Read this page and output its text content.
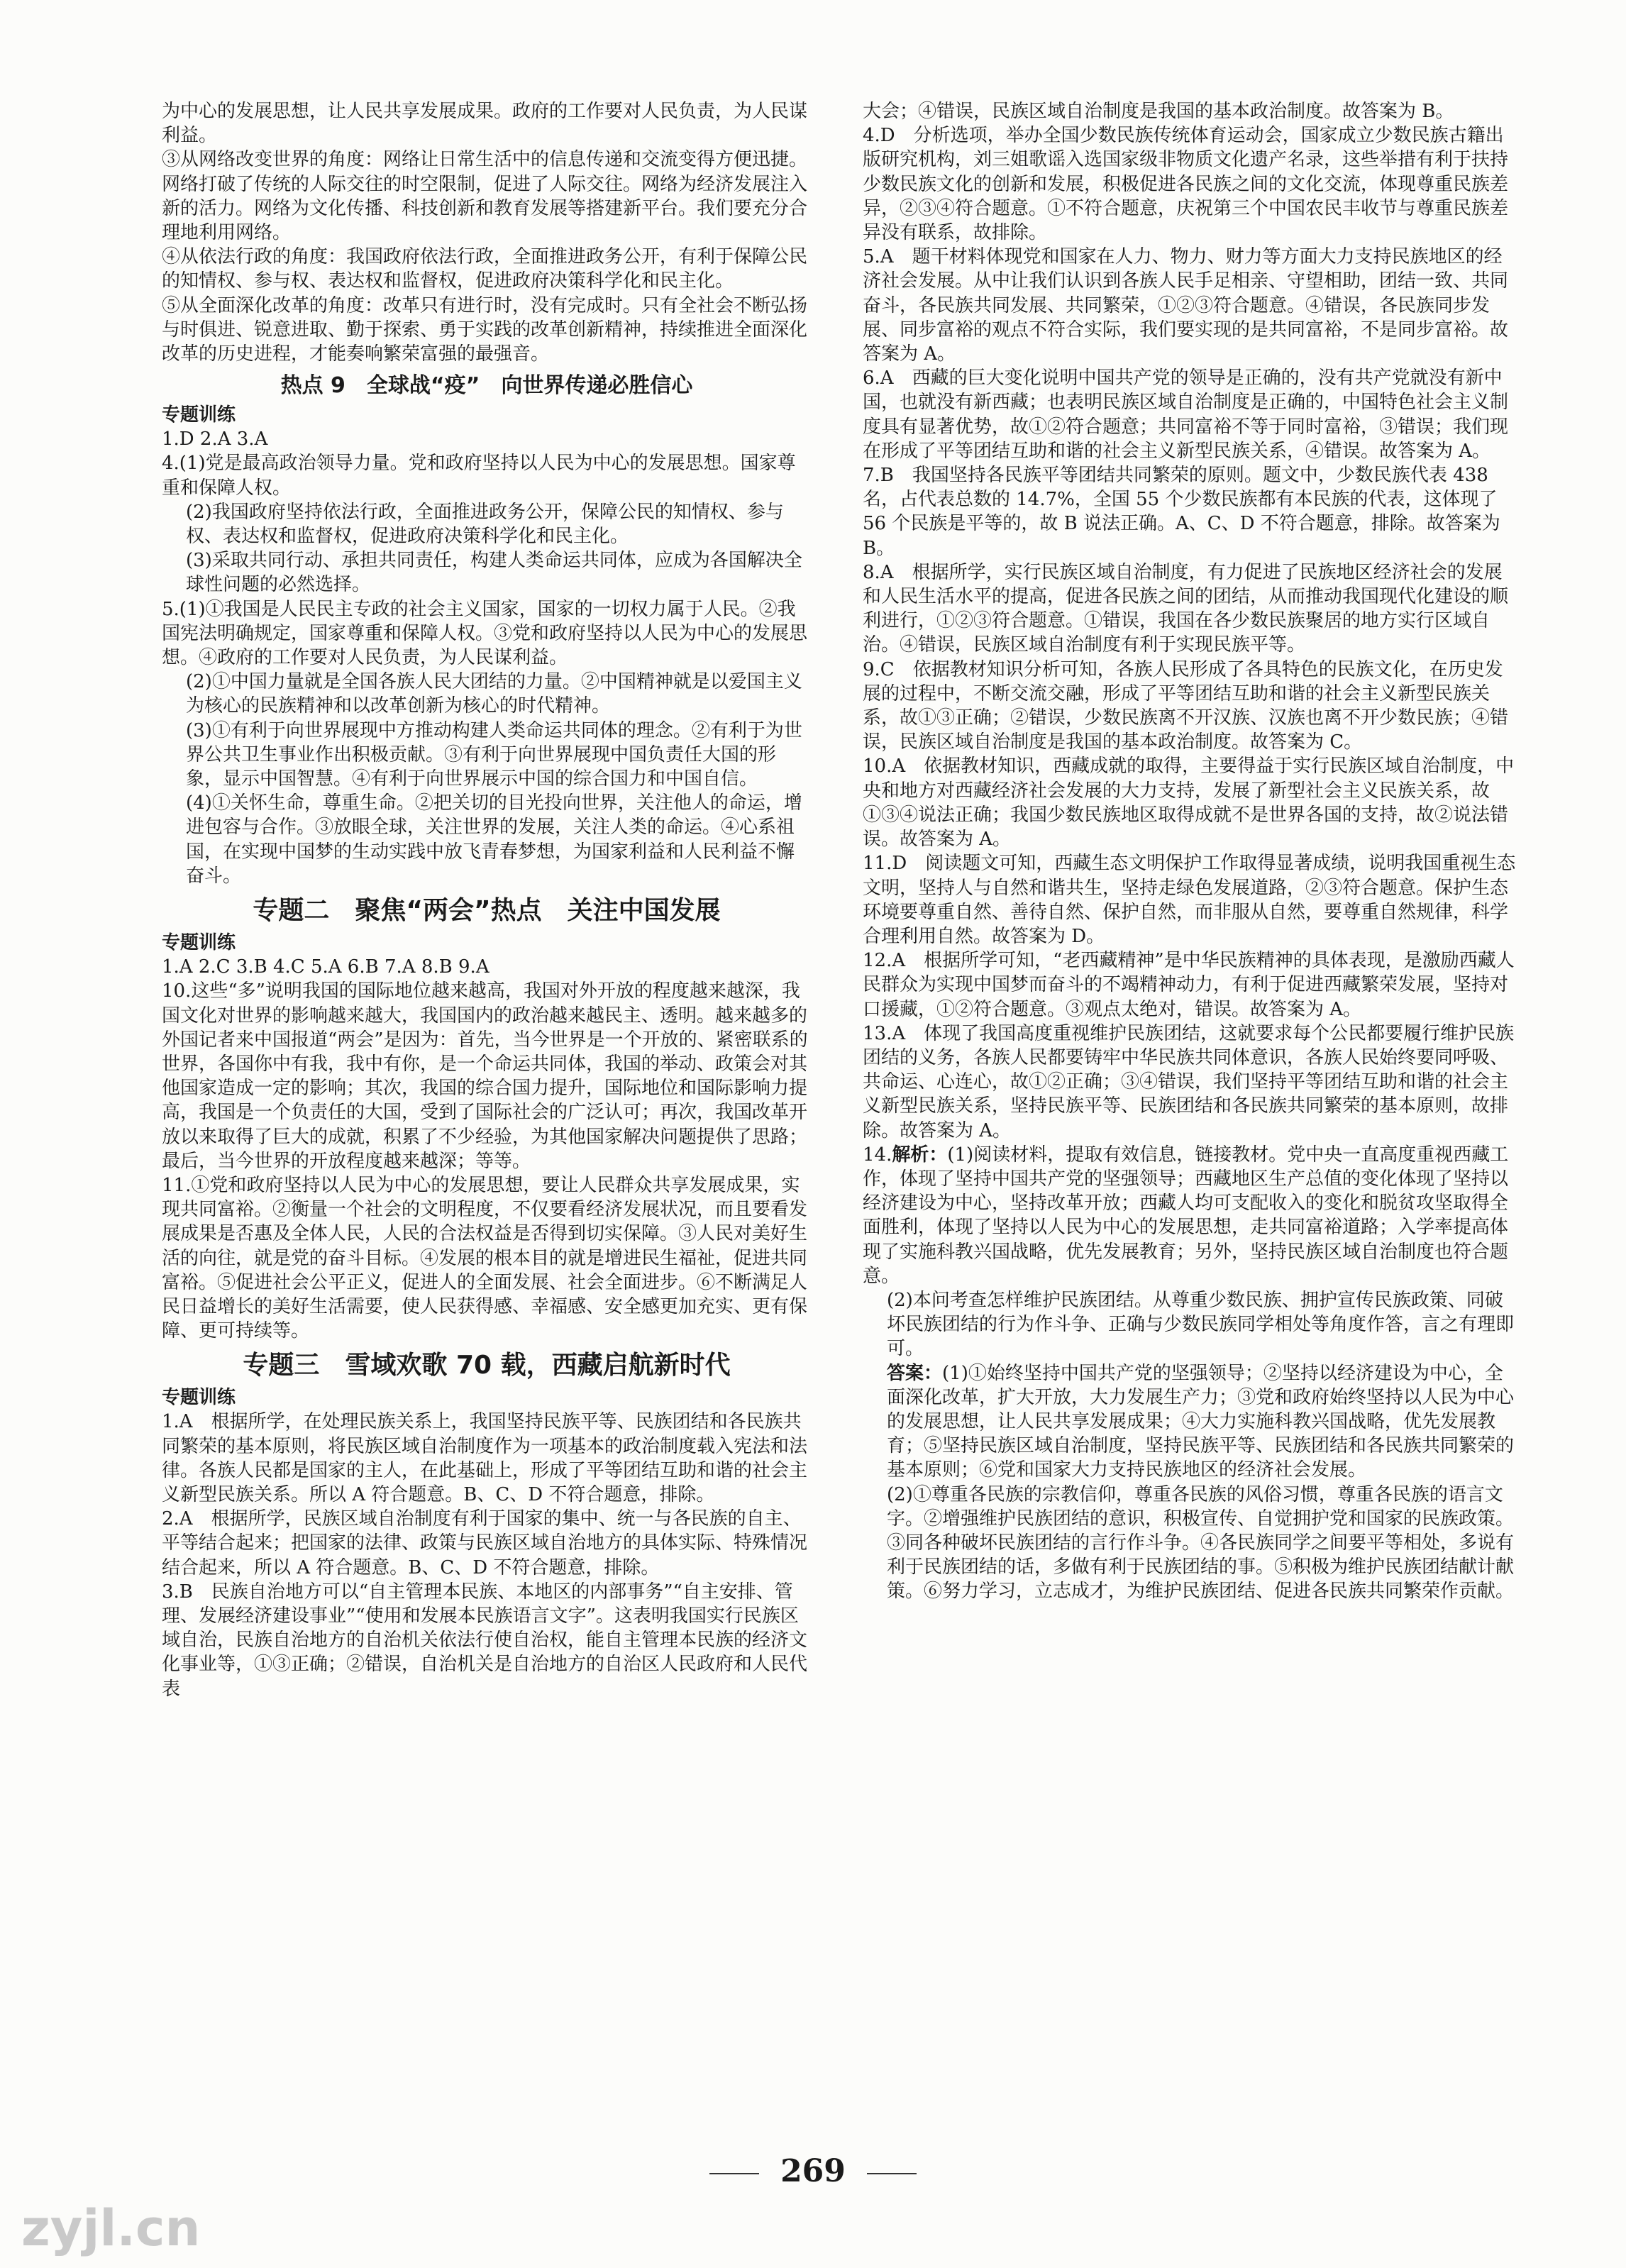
为中心的发展思想，让人民共享发展成果。政府的工作要对人民负责，为人民谋利益。
③从网络改变世界的角度：网络让日常生活中的信息传递和交流变得方便迅捷。网络打破了传统的人际交往的时空限制，促进了人际交往。网络为经济发展注入新的活力。网络为文化传播、科技创新和教育发展等搭建新平台。我们要充分合理地利用网络。
④从依法行政的角度：我国政府依法行政，全面推进政务公开，有利于保障公民的知情权、参与权、表达权和监督权，促进政府决策科学化和民主化。
⑤从全面深化改革的角度：改革只有进行时，没有完成时。只有全社会不断弘扬与时俱进、锐意进取、勤于探索、勇于实践的改革创新精神，持续推进全面深化改革的历史进程，才能奏响繁荣富强的最强音。
热点 9　全球战“疫”　向世界传递必胜信心
专题训练
1.D 2.A 3.A
4.(1)党是最高政治领导力量。党和政府坚持以人民为中心的发展思想。国家尊重和保障人权。
(2)我国政府坚持依法行政，全面推进政务公开，保障公民的知情权、参与权、表达权和监督权，促进政府决策科学化和民主化。
(3)采取共同行动、承担共同责任，构建人类命运共同体，应成为各国解决全球性问题的必然选择。
5.(1)①我国是人民民主专政的社会主义国家，国家的一切权力属于人民。②我国宪法明确规定，国家尊重和保障人权。③党和政府坚持以人民为中心的发展思想。④政府的工作要对人民负责，为人民谋利益。
(2)①中国力量就是全国各族人民大团结的力量。②中国精神就是以爱国主义为核心的民族精神和以改革创新为核心的时代精神。
(3)①有利于向世界展现中方推动构建人类命运共同体的理念。②有利于为世界公共卫生事业作出积极贡献。③有利于向世界展现中国负责任大国的形象，显示中国智慧。④有利于向世界展示中国的综合国力和中国自信。
(4)①关怀生命，尊重生命。②把关切的目光投向世界，关注他人的命运，增进包容与合作。③放眼全球，关注世界的发展，关注人类的命运。④心系祖国，在实现中国梦的生动实践中放飞青春梦想，为国家利益和人民利益不懈奋斗。
专题二　聚焦“两会”热点　关注中国发展
专题训练
1.A 2.C 3.B 4.C 5.A 6.B 7.A 8.B 9.A
10.这些“多”说明我国的国际地位越来越高，我国对外开放的程度越来越深，我国文化对世界的影响越来越大，我国国内的政治越来越民主、透明。越来越多的外国记者来中国报道“两会”是因为：首先，当今世界是一个开放的、紧密联系的世界，各国你中有我，我中有你，是一个命运共同体，我国的举动、政策会对其他国家造成一定的影响；其次，我国的综合国力提升，国际地位和国际影响力提高，我国是一个负责任的大国，受到了国际社会的广泛认可；再次，我国改革开放以来取得了巨大的成就，积累了不少经验，为其他国家解决问题提供了思路；最后，当今世界的开放程度越来越深；等等。
11.①党和政府坚持以人民为中心的发展思想，要让人民群众共享发展成果，实现共同富裕。②衡量一个社会的文明程度，不仅要看经济发展状况，而且要看发展成果是否惠及全体人民，人民的合法权益是否得到切实保障。③人民对美好生活的向往，就是党的奋斗目标。④发展的根本目的就是增进民生福祉，促进共同富裕。⑤促进社会公平正义，促进人的全面发展、社会全面进步。⑥不断满足人民日益增长的美好生活需要，使人民获得感、幸福感、安全感更加充实、更有保障、更可持续等。
专题三　雪域欢歌 70 载，西藏启航新时代
专题训练
1.A　根据所学，在处理民族关系上，我国坚持民族平等、民族团结和各民族共同繁荣的基本原则，将民族区域自治制度作为一项基本的政治制度载入宪法和法律。各族人民都是国家的主人，在此基础上，形成了平等团结互助和谐的社会主义新型民族关系。所以 A 符合题意。B、C、D 不符合题意，排除。
2.A　根据所学，民族区域自治制度有利于国家的集中、统一与各民族的自主、平等结合起来；把国家的法律、政策与民族区域自治地方的具体实际、特殊情况结合起来，所以 A 符合题意。B、C、D 不符合题意，排除。
3.B　民族自治地方可以“自主管理本民族、本地区的内部事务”“自主安排、管理、发展经济建设事业”“使用和发展本民族语言文字”。这表明我国实行民族区域自治，民族自治地方的自治机关依法行使自治权，能自主管理本民族的经济文化事业等，①③正确；②错误，自治机关是自治地方的自治区人民政府和人民代表
大会；④错误，民族区域自治制度是我国的基本政治制度。故答案为 B。
4.D　分析选项，举办全国少数民族传统体育运动会，国家成立少数民族古籍出版研究机构，刘三姐歌谣入选国家级非物质文化遗产名录，这些举措有利于扶持少数民族文化的创新和发展，积极促进各民族之间的文化交流，体现尊重民族差异，②③④符合题意。①不符合题意，庆祝第三个中国农民丰收节与尊重民族差异没有联系，故排除。
5.A　题干材料体现党和国家在人力、物力、财力等方面大力支持民族地区的经济社会发展。从中让我们认识到各族人民手足相亲、守望相助，团结一致、共同奋斗，各民族共同发展、共同繁荣，①②③符合题意。④错误，各民族同步发展、同步富裕的观点不符合实际，我们要实现的是共同富裕，不是同步富裕。故答案为 A。
6.A　西藏的巨大变化说明中国共产党的领导是正确的，没有共产党就没有新中国，也就没有新西藏；也表明民族区域自治制度是正确的，中国特色社会主义制度具有显著优势，故①②符合题意；共同富裕不等于同时富裕，③错误；我们现在形成了平等团结互助和谐的社会主义新型民族关系，④错误。故答案为 A。
7.B　我国坚持各民族平等团结共同繁荣的原则。题文中，少数民族代表 438 名，占代表总数的 14.7%，全国 55 个少数民族都有本民族的代表，这体现了 56 个民族是平等的，故 B 说法正确。A、C、D 不符合题意，排除。故答案为 B。
8.A　根据所学，实行民族区域自治制度，有力促进了民族地区经济社会的发展和人民生活水平的提高，促进各民族之间的团结，从而推动我国现代化建设的顺利进行，①②③符合题意。①错误，我国在各少数民族聚居的地方实行区域自治。④错误，民族区域自治制度有利于实现民族平等。
9.C　依据教材知识分析可知，各族人民形成了各具特色的民族文化，在历史发展的过程中，不断交流交融，形成了平等团结互助和谐的社会主义新型民族关系，故①③正确；②错误，少数民族离不开汉族、汉族也离不开少数民族；④错误，民族区域自治制度是我国的基本政治制度。故答案为 C。
10.A　依据教材知识，西藏成就的取得，主要得益于实行民族区域自治制度，中央和地方对西藏经济社会发展的大力支持，发展了新型社会主义民族关系，故①③④说法正确；我国少数民族地区取得成就不是世界各国的支持，故②说法错误。故答案为 A。
11.D　阅读题文可知，西藏生态文明保护工作取得显著成绩，说明我国重视生态文明，坚持人与自然和谐共生，坚持走绿色发展道路，②③符合题意。保护生态环境要尊重自然、善待自然、保护自然，而非服从自然，要尊重自然规律，科学合理利用自然。故答案为 D。
12.A　根据所学可知，“老西藏精神”是中华民族精神的具体表现，是激励西藏人民群众为实现中国梦而奋斗的不竭精神动力，有利于促进西藏繁荣发展，坚持对口援藏，①②符合题意。③观点太绝对，错误。故答案为 A。
13.A　体现了我国高度重视维护民族团结，这就要求每个公民都要履行维护民族团结的义务，各族人民都要铸牢中华民族共同体意识，各族人民始终要同呼吸、共命运、心连心，故①②正确；③④错误，我们坚持平等团结互助和谐的社会主义新型民族关系，坚持民族平等、民族团结和各民族共同繁荣的基本原则，故排除。故答案为 A。
14.解析：(1)阅读材料，提取有效信息，链接教材。党中央一直高度重视西藏工作，体现了坚持中国共产党的坚强领导；西藏地区生产总值的变化体现了坚持以经济建设为中心，坚持改革开放；西藏人均可支配收入的变化和脱贫攻坚取得全面胜利，体现了坚持以人民为中心的发展思想，走共同富裕道路；入学率提高体现了实施科教兴国战略，优先发展教育；另外，坚持民族区域自治制度也符合题意。
(2)本问考查怎样维护民族团结。从尊重少数民族、拥护宣传民族政策、同破坏民族团结的行为作斗争、正确与少数民族同学相处等角度作答，言之有理即可。
答案：(1)①始终坚持中国共产党的坚强领导；②坚持以经济建设为中心，全面深化改革，扩大开放，大力发展生产力；③党和政府始终坚持以人民为中心的发展思想，让人民共享发展成果；④大力实施科教兴国战略，优先发展教育；⑤坚持民族区域自治制度，坚持民族平等、民族团结和各民族共同繁荣的基本原则；⑥党和国家大力支持民族地区的经济社会发展。
(2)①尊重各民族的宗教信仰，尊重各民族的风俗习惯，尊重各民族的语言文字。②增强维护民族团结的意识，积极宣传、自觉拥护党和国家的民族政策。③同各种破坏民族团结的言行作斗争。④各民族同学之间要平等相处，多说有利于民族团结的话，多做有利于民族团结的事。⑤积极为维护民族团结献计献策。⑥努力学习，立志成才，为维护民族团结、促进各民族共同繁荣作贡献。
269
zyjl.cn
